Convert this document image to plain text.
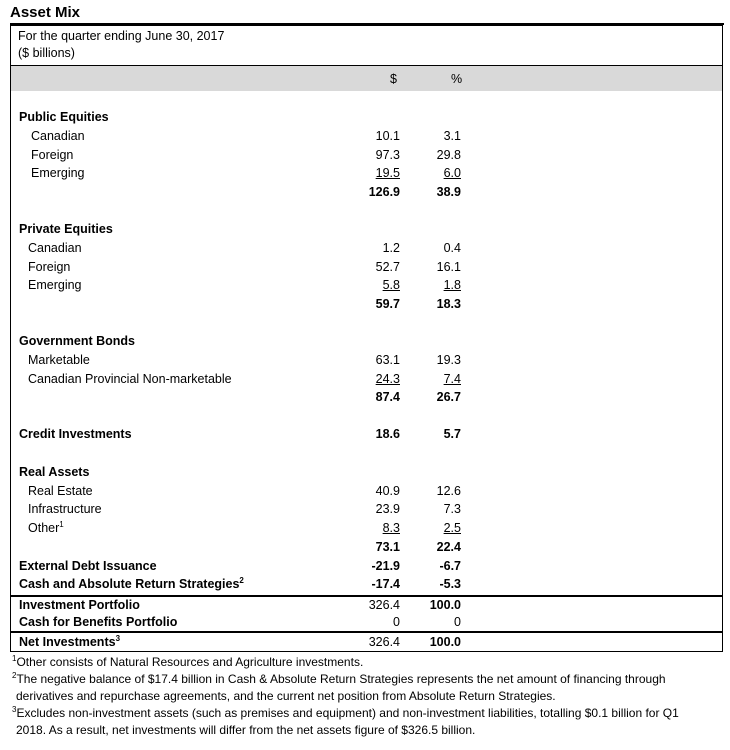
Asset Mix
For the quarter ending June 30, 2017
($ billions)
$	%
Public Equities
Canadian	10.1	3.1
Foreign	97.3	29.8
Emerging	19.5	6.0
126.9	38.9
Private Equities
Canadian	1.2	0.4
Foreign	52.7	16.1
Emerging	5.8	1.8
59.7	18.3
Government Bonds
Marketable	63.1	19.3
Canadian Provincial Non-marketable	24.3	7.4
87.4	26.7
Credit Investments	18.6	5.7
Real Assets
Real Estate	40.9	12.6
Infrastructure	23.9	7.3
Other$^1$	8.3	2.5
73.1	22.4
External Debt Issuance	-21.9	-6.7
Cash and Absolute Return Strategies$^2$	-17.4	-5.3
Investment Portfolio	326.4	100.0
Cash for Benefits Portfolio	0	0
Net Investments$^3$	326.4	100.0
$^1$Other consists of Natural Resources and Agriculture investments.
$^2$The negative balance of $17.4 billion in Cash & Absolute Return Strategies represents the net amount of financing through
derivatives and repurchase agreements, and the current net position from Absolute Return Strategies.
$^3$Excludes non-investment assets (such as premises and equipment) and non-investment liabilities, totalling $0.1 billion for Q1
2018. As a result, net investments will differ from the net assets figure of $326.5 billion.
